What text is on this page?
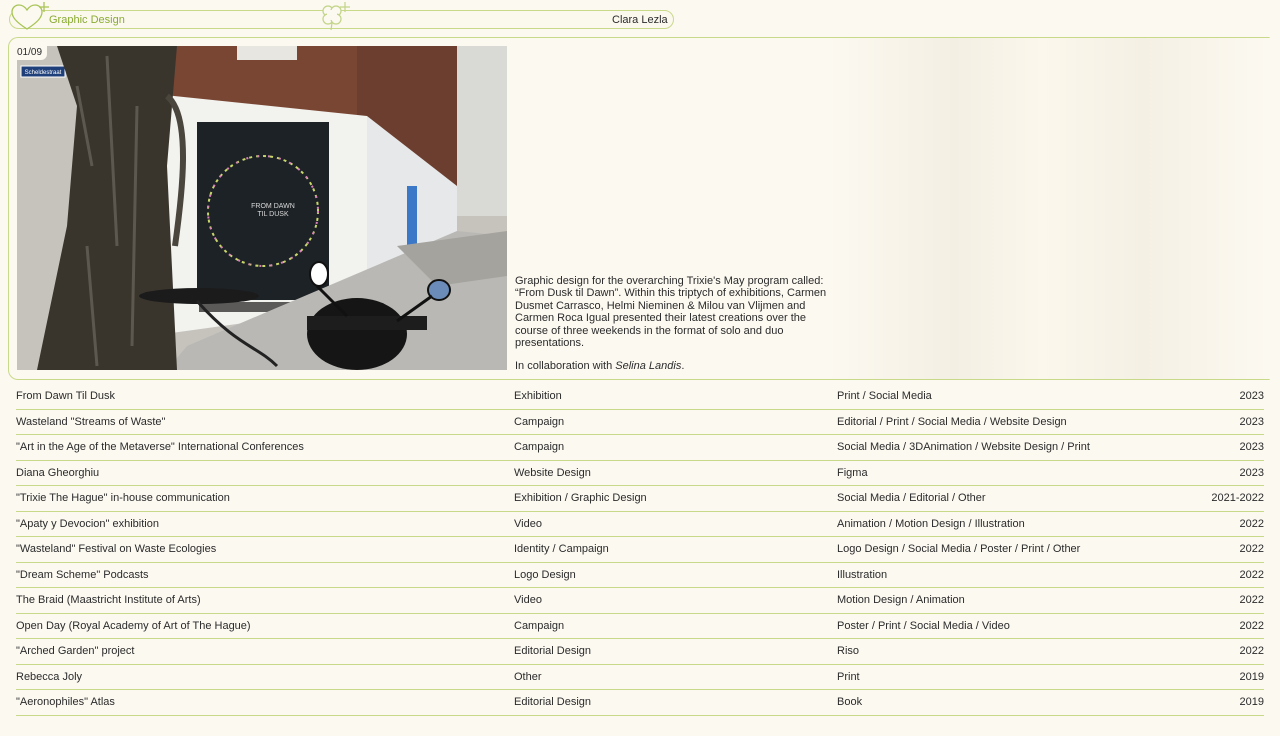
Graphic Design	Clara Lezla
FROM DAWN
TIL DUSK
Scheldestraat
01/09

Graphic design for the overarching Trixie's May program called: “From Dusk til Dawn”. Within this triptych of exhibitions, Carmen Dusmet Carrasco, Helmi Nieminen & Milou van Vlijmen and Carmen Roca Igual presented their latest creations over the course of three weekends in the format of solo and duo presentations.

In collaboration with Selina Landis.

From Dawn Til Dusk	Exhibition	Print / Social Media	2023
Wasteland "Streams of Waste"	Campaign	Editorial / Print / Social Media / Website Design	2023
"Art in the Age of the Metaverse" International Conferences	Campaign	Social Media / 3DAnimation / Website Design / Print	2023
Diana Gheorghiu	Website Design	Figma	2023
"Trixie The Hague" in-house communication	Exhibition / Graphic Design	Social Media / Editorial / Other	2021-2022
"Apaty y Devocion" exhibition	Video	Animation / Motion Design / Illustration	2022
"Wasteland" Festival on Waste Ecologies	Identity / Campaign	Logo Design / Social Media / Poster / Print / Other	2022
"Dream Scheme" Podcasts	Logo Design	Illustration	2022
The Braid (Maastricht Institute of Arts)	Video	Motion Design / Animation	2022
Open Day (Royal Academy of Art of The Hague)	Campaign	Poster / Print / Social Media / Video	2022
"Arched Garden" project	Editorial Design	Riso	2022
Rebecca Joly	Other	Print	2019
"Aeronophiles" Atlas	Editorial Design	Book	2019
